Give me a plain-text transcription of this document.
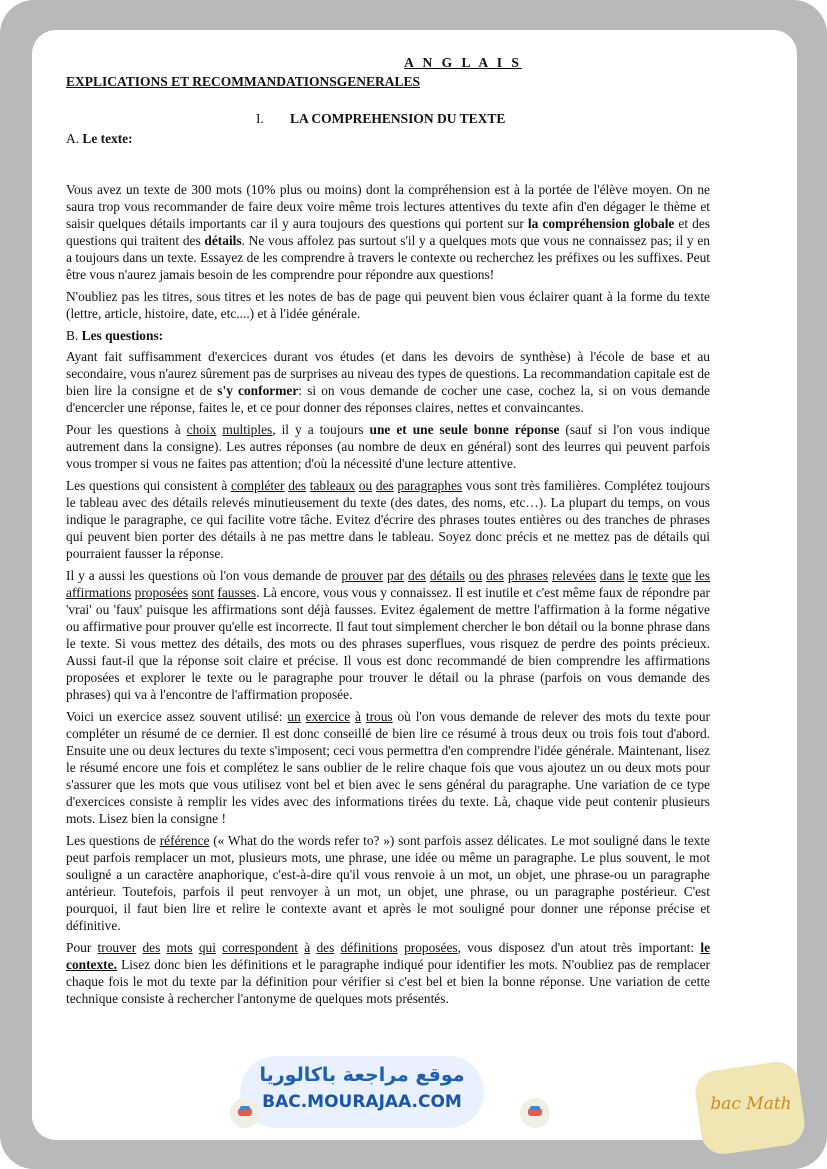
A N G L A I S
EXPLICATIONS ET RECOMMANDATIONSGENERALES
I. LA COMPREHENSION DU TEXTE
A. Le texte:

Vous avez un texte de 300 mots (10% plus ou moins) dont la compréhension est à la portée de l'élève moyen. On ne saura trop vous recommander de faire deux voire même trois lectures attentives du texte afin d'en dégager le thème et saisir quelques détails importants car il y aura toujours des questions qui portent sur la compréhension globale et des questions qui traitent des détails. Ne vous affolez pas surtout s'il y a quelques mots que vous ne connaissez pas; il y en a toujours dans un texte. Essayez de les comprendre à travers le contexte ou recherchez les préfixes ou les suffixes. Peut être vous n'aurez jamais besoin de les comprendre pour répondre aux questions!

N'oubliez pas les titres, sous titres et les notes de bas de page qui peuvent bien vous éclairer quant à la forme du texte (lettre, article, histoire, date, etc....) et à l'idée générale.

B. Les questions:

Ayant fait suffisamment d'exercices durant vos études (et dans les devoirs de synthèse) à l'école de base et au secondaire, vous n'aurez sûrement pas de surprises au niveau des types de questions. La recommandation capitale est de bien lire la consigne et de s'y conformer: si on vous demande de cocher une case, cochez la, si on vous demande d'encercler une réponse, faites le, et ce pour donner des réponses claires, nettes et convaincantes.

Pour les questions à choix multiples, il y a toujours une et une seule bonne réponse (sauf si l'on vous indique autrement dans la consigne). Les autres réponses (au nombre de deux en général) sont des leurres qui peuvent parfois vous tromper si vous ne faites pas attention; d'où la nécessité d'une lecture attentive.

Les questions qui consistent à compléter des tableaux ou des paragraphes vous sont très familières. Complétez toujours le tableau avec des détails relevés minutieusement du texte (des dates, des noms, etc…). La plupart du temps, on vous indique le paragraphe, ce qui facilite votre tâche. Evitez d'écrire des phrases toutes entières ou des tranches de phrases qui peuvent bien porter des détails à ne pas mettre dans le tableau. Soyez donc précis et ne mettez pas de détails qui pourraient fausser la réponse.

Il y a aussi les questions où l'on vous demande de prouver par des détails ou des phrases relevées dans le texte que les affirmations proposées sont fausses. Là encore, vous vous y connaissez. Il est inutile et c'est même faux de répondre par 'vrai' ou 'faux' puisque les affirmations sont déjà fausses. Evitez également de mettre l'affirmation à la forme négative ou affirmative pour prouver qu'elle est incorrecte. Il faut tout simplement chercher le bon détail ou la bonne phrase dans le texte. Si vous mettez des détails, des mots ou des phrases superflues, vous risquez de perdre des points précieux. Aussi faut-il que la réponse soit claire et précise. Il vous est donc recommandé de bien comprendre les affirmations proposées et explorer le texte ou le paragraphe pour trouver le détail ou la phrase (parfois on vous demande des phrases) qui va à l'encontre de l'affirmation proposée.

Voici un exercice assez souvent utilisé: un exercice à trous où l'on vous demande de relever des mots du texte pour compléter un résumé de ce dernier. Il est donc conseillé de bien lire ce résumé à trous deux ou trois fois tout d'abord. Ensuite une ou deux lectures du texte s'imposent; ceci vous permettra d'en comprendre l'idée générale. Maintenant, lisez le résumé encore une fois et complétez le sans oublier de le relire chaque fois que vous ajoutez un ou deux mots pour s'assurer que les mots que vous utilisez vont bel et bien avec le sens général du paragraphe. Une variation de ce type d'exercices consiste à remplir les vides avec des informations tirées du texte. Là, chaque vide peut contenir plusieurs mots. Lisez bien la consigne !

Les questions de référence (« What do the words refer to? ») sont parfois assez délicates. Le mot souligné dans le texte peut parfois remplacer un mot, plusieurs mots, une phrase, une idée ou même un paragraphe. Le plus souvent, le mot souligné a un caractère anaphorique, c'est-à-dire qu'il vous renvoie à un mot, un objet, une phrase-ou un paragraphe antérieur. Toutefois, parfois il peut renvoyer à un mot, un objet, une phrase, ou un paragraphe postérieur. C'est pourquoi, il faut bien lire et relire le contexte avant et après le mot souligné pour donner une réponse précise et définitive.

Pour trouver des mots qui correspondent à des définitions proposées, vous disposez d'un atout très important: le contexte. Lisez donc bien les définitions et le paragraphe indiqué pour identifier les mots. N'oubliez pas de remplacer chaque fois le mot du texte par la définition pour vérifier si c'est bel et bien la bonne réponse. Une variation de cette technique consiste à rechercher l'antonyme de quelques mots présentés.

موقع مراجعة باكالوريا
BAC.MOURAJAA.COM	bac Math
